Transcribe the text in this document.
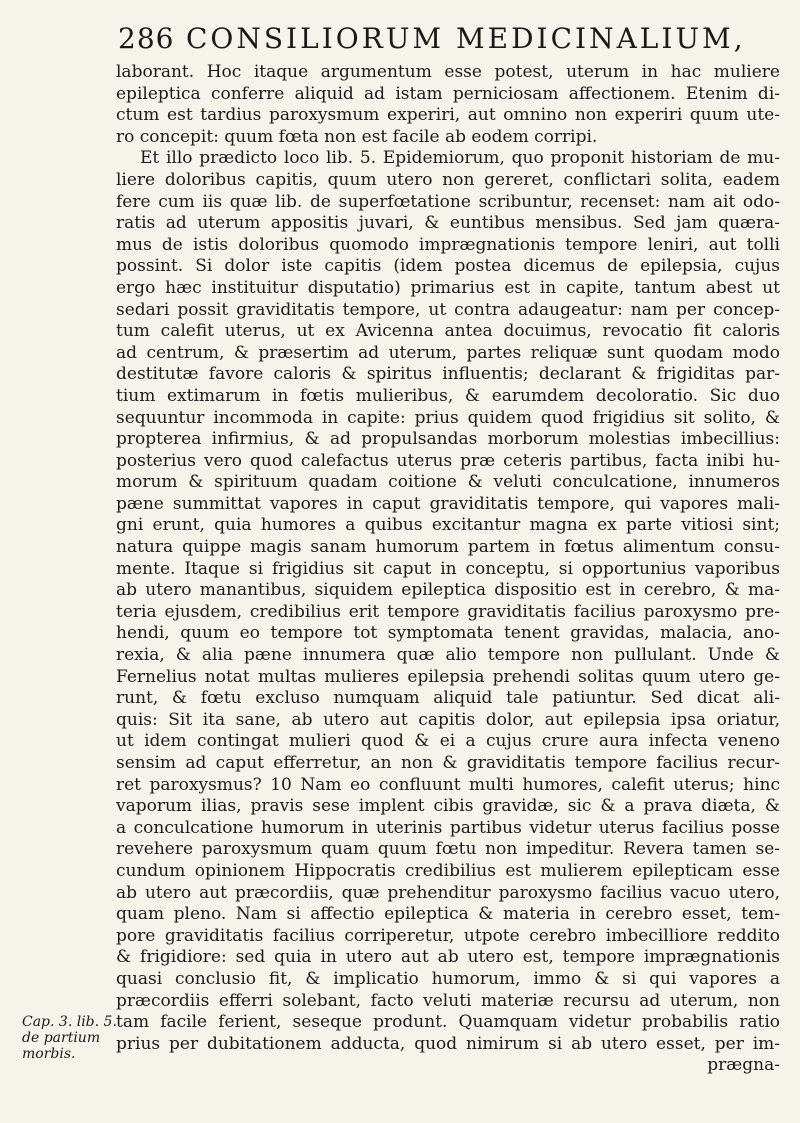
286 CONSILIORUM MEDICINALIUM,
laborant. Hoc itaque argumentum esse potest, uterum in hac muliere
epileptica conferre aliquid ad istam perniciosam affectionem. Etenim di-
ctum est tardius paroxysmum experiri, aut omnino non experiri quum ute-
ro concepit: quum fœta non est facile ab eodem corripi.
Et illo prædicto loco lib. 5. Epidemiorum, quo proponit historiam de mu-
liere doloribus capitis, quum utero non gereret, conflictari solita, eadem
fere cum iis quæ lib. de superfœtatione scribuntur, recenset: nam ait odo-
ratis ad uterum appositis juvari, & euntibus mensibus. Sed jam quæra-
mus de istis doloribus quomodo imprægnationis tempore leniri, aut tolli
possint. Si dolor iste capitis (idem postea dicemus de epilepsia, cujus
ergo hæc instituitur disputatio) primarius est in capite, tantum abest ut
sedari possit graviditatis tempore, ut contra adaugeatur: nam per concep-
tum calefit uterus, ut ex Avicenna antea docuimus, revocatio fit caloris
ad centrum, & præsertim ad uterum, partes reliquæ sunt quodam modo
destitutæ favore caloris & spiritus influentis; declarant & frigiditas par-
tium extimarum in fœtis mulieribus, & earumdem decoloratio. Sic duo
sequuntur incommoda in capite: prius quidem quod frigidius sit solito, &
propterea infirmius, & ad propulsandas morborum molestias imbecillius:
posterius vero quod calefactus uterus præ ceteris partibus, facta inibi hu-
morum & spirituum quadam coitione & veluti conculcatione, innumeros
pæne summittat vapores in caput graviditatis tempore, qui vapores mali-
gni erunt, quia humores a quibus excitantur magna ex parte vitiosi sint;
natura quippe magis sanam humorum partem in fœtus alimentum consu-
mente. Itaque si frigidius sit caput in conceptu, si opportunius vaporibus
ab utero manantibus, siquidem epileptica dispositio est in cerebro, & ma-
teria ejusdem, credibilius erit tempore graviditatis facilius paroxysmo pre-
hendi, quum eo tempore tot symptomata tenent gravidas, malacia, ano-
rexia, & alia pæne innumera quæ alio tempore non pullulant. Unde &
Fernelius notat multas mulieres epilepsia prehendi solitas quum utero ge-
runt, & fœtu excluso numquam aliquid tale patiuntur. Sed dicat ali-
quis: Sit ita sane, ab utero aut capitis dolor, aut epilepsia ipsa oriatur,
ut idem contingat mulieri quod & ei a cujus crure aura infecta veneno
sensim ad caput efferretur, an non & graviditatis tempore facilius recur-
ret paroxysmus? 10 Nam eo confluunt multi humores, calefit uterus; hinc
vaporum ilias, pravis sese implent cibis gravidæ, sic & a prava diæta, &
a conculcatione humorum in uterinis partibus videtur uterus facilius posse
revehere paroxysmum quam quum fœtu non impeditur. Revera tamen se-
cundum opinionem Hippocratis credibilius est mulierem epilepticam esse
ab utero aut præcordiis, quæ prehenditur paroxysmo facilius vacuo utero,
quam pleno. Nam si affectio epileptica & materia in cerebro esset, tem-
pore graviditatis facilius corriperetur, utpote cerebro imbecilliore reddito
& frigidiore: sed quia in utero aut ab utero est, tempore imprægnationis
quasi conclusio fit, & implicatio humorum, immo & si qui vapores a
præcordiis efferri solebant, facto veluti materiæ recursu ad uterum, non
tam facile ferient, seseque produnt. Quamquam videtur probabilis ratio
prius per dubitationem adducta, quod nimirum si ab utero esset, per im-
prægna-
Cap. 3. lib. 5.
de partium
morbis.
